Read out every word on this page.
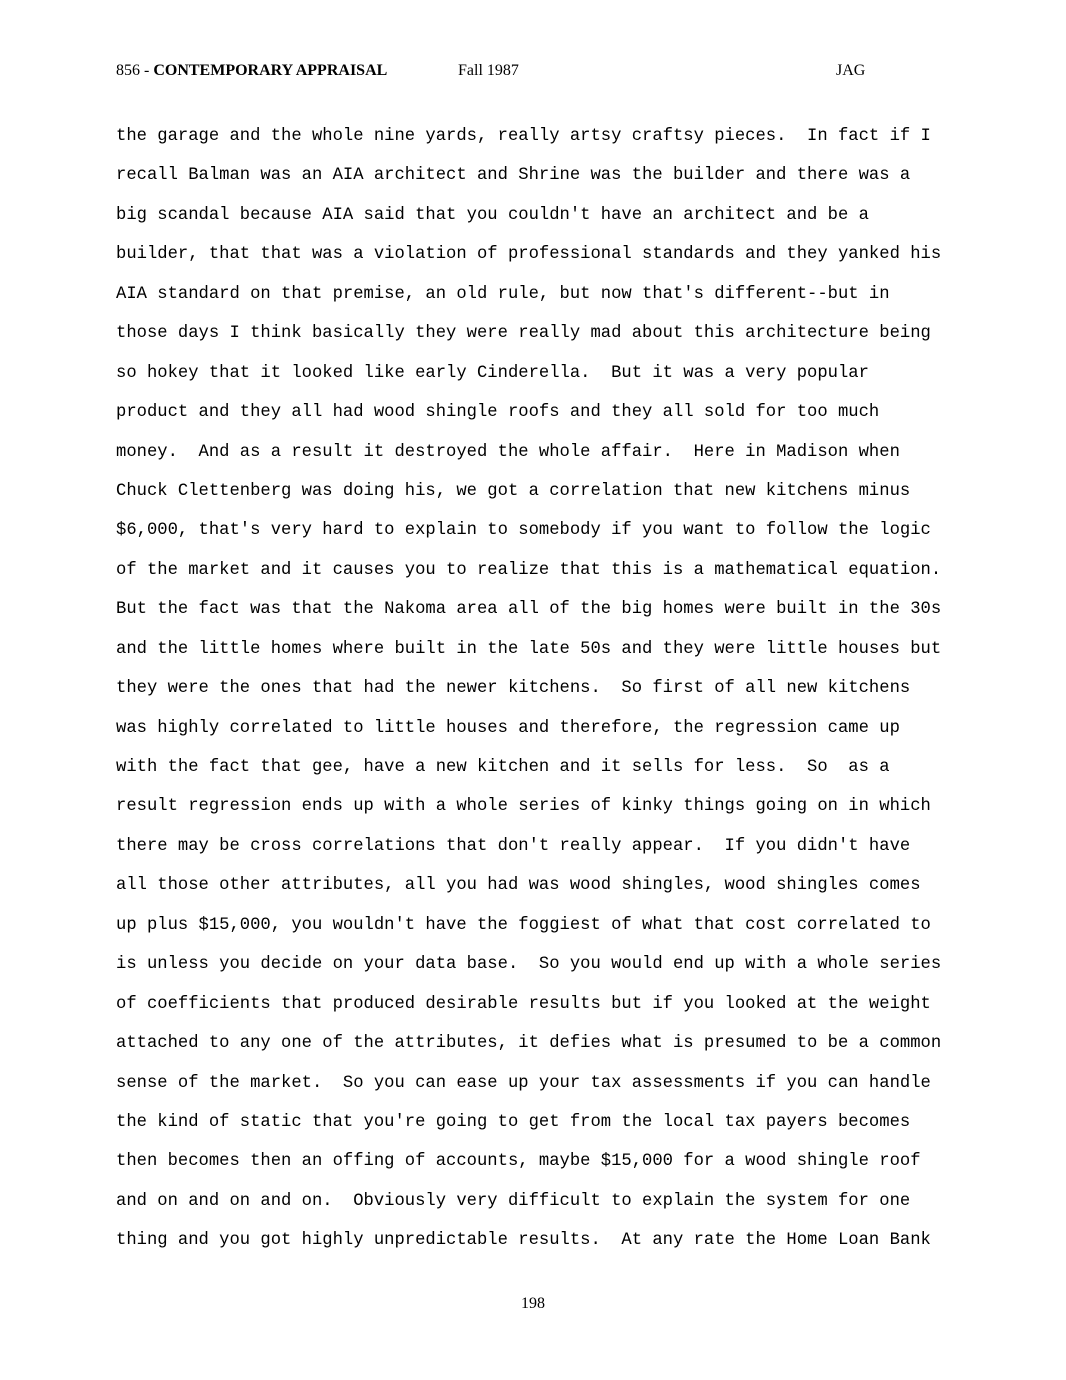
856 - CONTEMPORARY APPRAISAL	Fall 1987	JAG
the garage and the whole nine yards, really artsy craftsy pieces.  In fact if I
recall Balman was an AIA architect and Shrine was the builder and there was a
big scandal because AIA said that you couldn't have an architect and be a
builder, that that was a violation of professional standards and they yanked his
AIA standard on that premise, an old rule, but now that's different--but in
those days I think basically they were really mad about this architecture being
so hokey that it looked like early Cinderella.  But it was a very popular
product and they all had wood shingle roofs and they all sold for too much
money.  And as a result it destroyed the whole affair.  Here in Madison when
Chuck Clettenberg was doing his, we got a correlation that new kitchens minus
$6,000, that's very hard to explain to somebody if you want to follow the logic
of the market and it causes you to realize that this is a mathematical equation.
But the fact was that the Nakoma area all of the big homes were built in the 30s
and the little homes where built in the late 50s and they were little houses but
they were the ones that had the newer kitchens.  So first of all new kitchens
was highly correlated to little houses and therefore, the regression came up
with the fact that gee, have a new kitchen and it sells for less.  So  as a
result regression ends up with a whole series of kinky things going on in which
there may be cross correlations that don't really appear.  If you didn't have
all those other attributes, all you had was wood shingles, wood shingles comes
up plus $15,000, you wouldn't have the foggiest of what that cost correlated to
is unless you decide on your data base.  So you would end up with a whole series
of coefficients that produced desirable results but if you looked at the weight
attached to any one of the attributes, it defies what is presumed to be a common
sense of the market.  So you can ease up your tax assessments if you can handle
the kind of static that you're going to get from the local tax payers becomes
then becomes then an offing of accounts, maybe $15,000 for a wood shingle roof
and on and on and on.  Obviously very difficult to explain the system for one
thing and you got highly unpredictable results.  At any rate the Home Loan Bank
198
